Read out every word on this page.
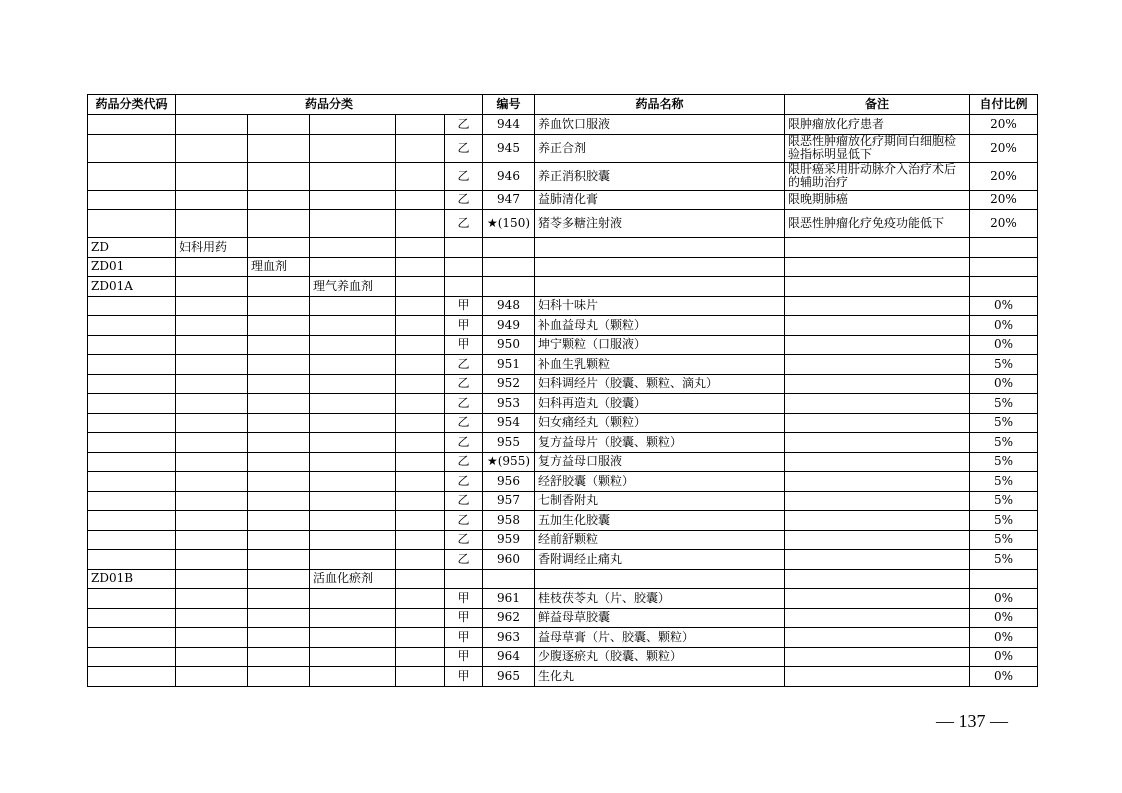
药品分类代码	药品分类					编号	药品名称	备注	自付比例
					乙	944	养血饮口服液	限肿瘤放化疗患者	20%
					乙	945	养正合剂	限恶性肿瘤放化疗期间白细胞检验指标明显低下	20%
					乙	946	养正消积胶囊	限肝癌采用肝动脉介入治疗术后的辅助治疗	20%
					乙	947	益肺清化膏	限晚期肺癌	20%
					乙	★(150)	猪苓多糖注射液	限恶性肿瘤化疗免疫功能低下	20%
ZD	妇科用药								
ZD01		理血剂							
ZD01A			理气养血剂						
					甲	948	妇科十味片		0%
					甲	949	补血益母丸（颗粒）		0%
					甲	950	坤宁颗粒（口服液）		0%
					乙	951	补血生乳颗粒		5%
					乙	952	妇科调经片（胶囊、颗粒、滴丸）		0%
					乙	953	妇科再造丸（胶囊）		5%
					乙	954	妇女痛经丸（颗粒）		5%
					乙	955	复方益母片（胶囊、颗粒）		5%
					乙	★(955)	复方益母口服液		5%
					乙	956	经舒胶囊（颗粒）		5%
					乙	957	七制香附丸		5%
					乙	958	五加生化胶囊		5%
					乙	959	经前舒颗粒		5%
					乙	960	香附调经止痛丸		5%
ZD01B			活血化瘀剂						
					甲	961	桂枝茯苓丸（片、胶囊）		0%
					甲	962	鲜益母草胶囊		0%
					甲	963	益母草膏（片、胶囊、颗粒）		0%
					甲	964	少腹逐瘀丸（胶囊、颗粒）		0%
					甲	965	生化丸		0%
— 137 —
